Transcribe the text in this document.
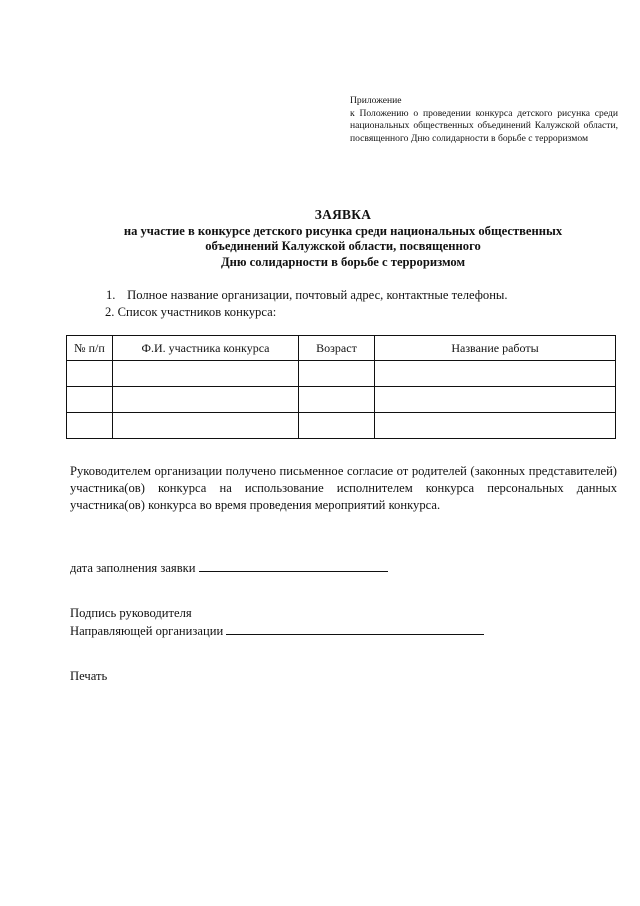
Приложение
к Положению о проведении конкурса детского рисунка среди национальных общественных объединений Калужской области, посвященного Дню солидарности в борьбе с терроризмом
ЗАЯВКА
на участие в конкурсе детского рисунка среди национальных общественных
объединений Калужской области, посвященного
Дню солидарности в борьбе с терроризмом
1. Полное название организации, почтовый адрес, контактные телефоны.
2. Список участников конкурса:
№ п/п	Ф.И. участника конкурса	Возраст	Название работы

Руководителем организации получено письменное согласие от родителей (законных представителей) участника(ов) конкурса на использование исполнителем конкурса персональных данных участника(ов) конкурса во время проведения мероприятий конкурса.
дата заполнения заявки
Подпись руководителя
Направляющей организации
Печать
